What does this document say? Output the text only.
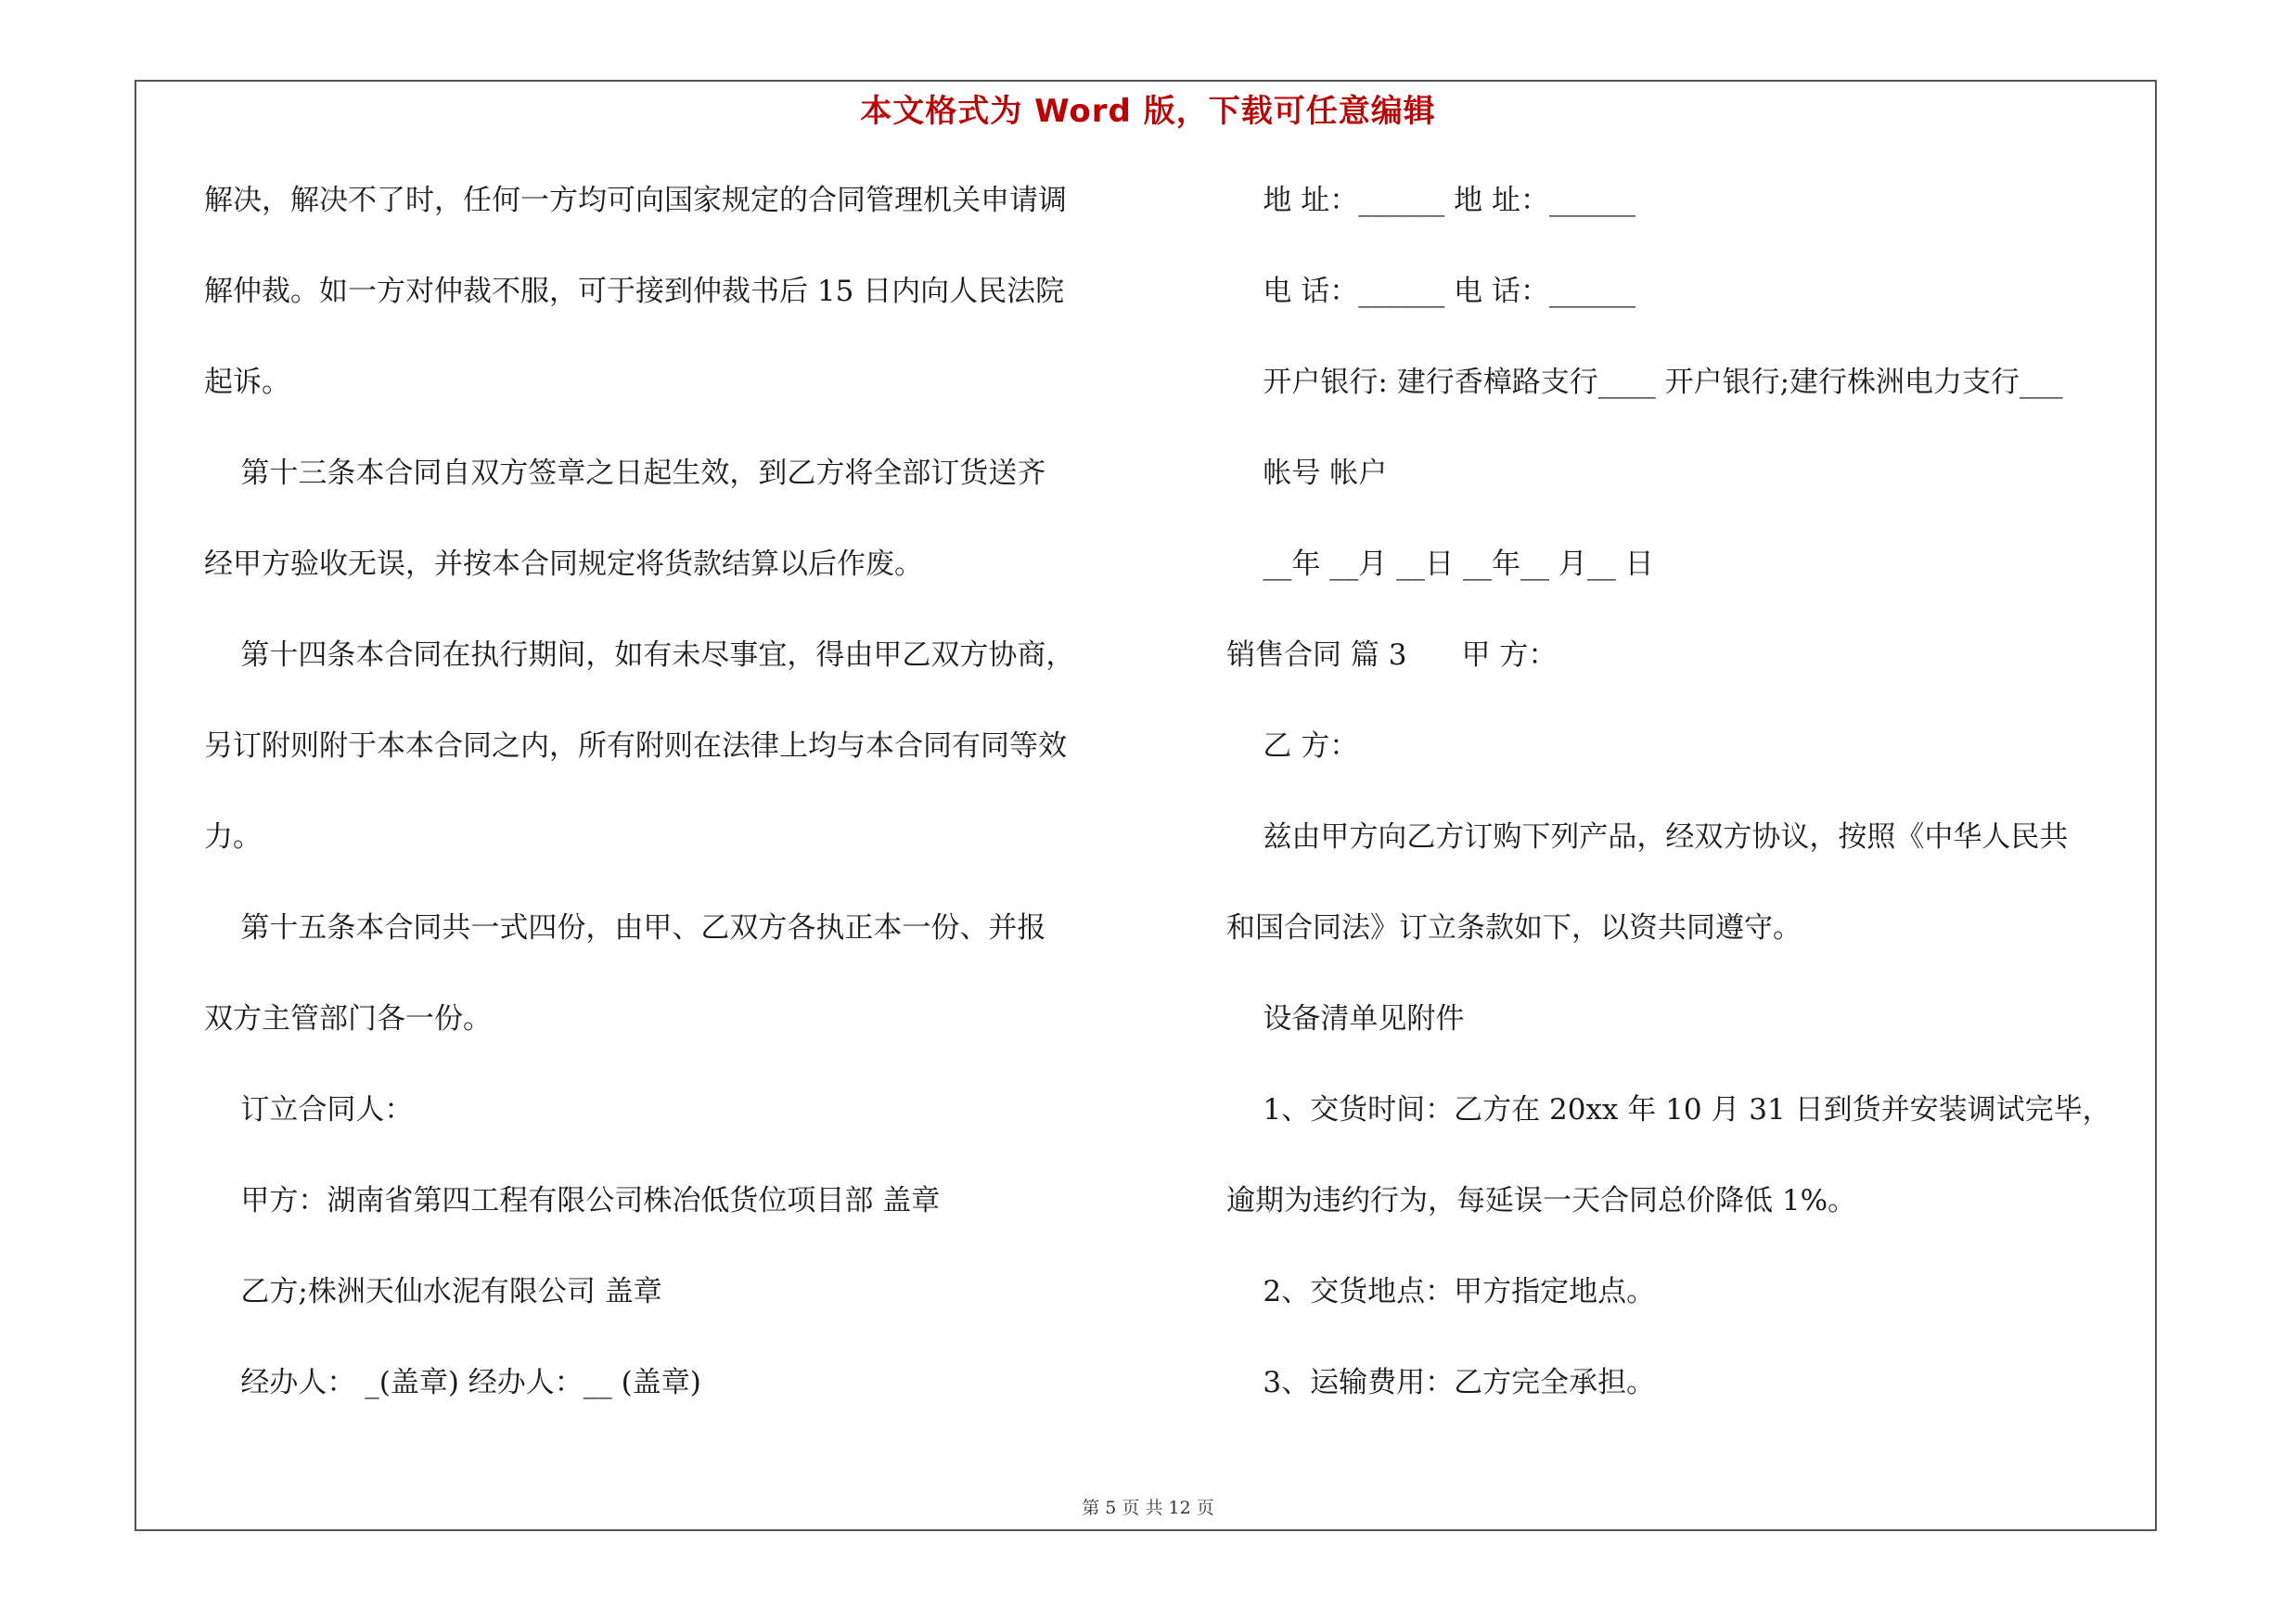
本文格式为 Word 版，下载可任意编辑
解决，解决不了时，任何一方均可向国家规定的合同管理机关申请调
解仲裁。如一方对仲裁不服，可于接到仲裁书后 15 日内向人民法院
起诉。
第十三条本合同自双方签章之日起生效，到乙方将全部订货送齐
经甲方验收无误，并按本合同规定将货款结算以后作废。
第十四条本合同在执行期间，如有未尽事宜，得由甲乙双方协商，
另订附则附于本本合同之内，所有附则在法律上均与本合同有同等效
力。
第十五条本合同共一式四份，由甲、乙双方各执正本一份、并报
双方主管部门各一份。
订立合同人：
甲方：湖南省第四工程有限公司株冶低货位项目部 盖章
乙方;株洲天仙水泥有限公司 盖章
经办人： _(盖章) 经办人：__ (盖章)
地 址：______ 地 址：______
电 话：______ 电 话：______
开户银行: 建行香樟路支行____ 开户银行;建行株洲电力支行___
帐号 帐户
__年 __月 __日 __年__ 月__ 日
销售合同 篇 3      甲 方：
乙 方：
兹由甲方向乙方订购下列产品，经双方协议，按照《中华人民共
和国合同法》订立条款如下，以资共同遵守。
设备清单见附件
1、交货时间：乙方在 20xx 年 10 月 31 日到货并安装调试完毕，
逾期为违约行为，每延误一天合同总价降低 1%。
2、交货地点：甲方指定地点。
3、运输费用：乙方完全承担。
第 5 页 共 12 页
